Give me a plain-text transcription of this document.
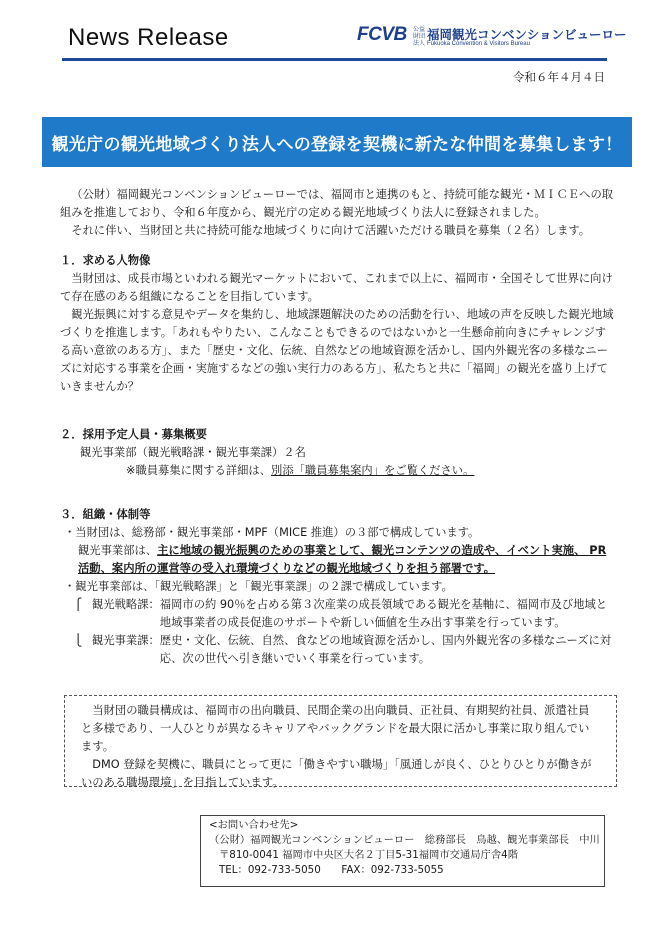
News Release	FCVB 公益財団法人
福岡観光コンベンションビューロー
Fukuoka Convention & Visitors Bureau
令和６年４月４日
観光庁の観光地域づくり法人への登録を契機に新たな仲間を募集します！

（公財）福岡観光コンベンションビューローでは、福岡市と連携のもと、持続可能な観光・ＭＩＣＥへの取組みを推進しており、令和６年度から、観光庁の定める観光地域づくり法人に登録されました。

それに伴い、当財団と共に持続可能な地域づくりに向けて活躍いただける職員を募集（２名）します。

１．求める人物像

当財団は、成長市場といわれる観光マーケットにおいて、これまで以上に、福岡市・全国そして世界に向けて存在感のある組織になることを目指しています。

観光振興に対する意見やデータを集約し、地域課題解決のための活動を行い、地域の声を反映した観光地域づくりを推進します。「あれもやりたい、こんなこともできるのではないかと一生懸命前向きにチャレンジする高い意欲のある方」、また「歴史・文化、伝統、自然などの地域資源を活かし、国内外観光客の多様なニーズに対応する事業を企画・実施するなどの強い実行力のある方」、私たちと共に「福岡」の観光を盛り上げていきませんか？

２．採用予定人員・募集概要

観光事業部（観光戦略課・観光事業課）２名

※職員募集に関する詳細は、別添「職員募集案内」をご覧ください。

３．組織・体制等

・当財団は、総務部・観光事業部・MPF（MICE 推進）の３部で構成しています。

観光事業部は、主に地域の観光振興のための事業として、観光コンテンツの造成や、イベント実施、 PR活動、案内所の運営等の受入れ環境づくりなどの観光地域づくりを担う部署です。

・観光事業部は、「観光戦略課」と「観光事業課」の２課で構成しています。

⎧ 観光戦略課： 福岡市の約 90％を占める第３次産業の成長領域である観光を基軸に、福岡市及び地域と地域事業者の成長促進のサポートや新しい価値を生み出す事業を行っています。
⎩ 観光事業課： 歴史・文化、伝統、自然、食などの地域資源を活かし、国内外観光客の多様なニーズに対応、次の世代へ引き継いでいく事業を行っています。

当財団の職員構成は、福岡市の出向職員、民間企業の出向職員、正社員、有期契約社員、派遣社員と多様であり、一人ひとりが異なるキャリアやバックグランドを最大限に活かし事業に取り組んでいます。

DMO 登録を契機に、職員にとって更に「働きやすい職場」「風通しが良く、ひとりひとりが働きがいのある職場環境」を目指しています。

<お問い合わせ先>
（公財）福岡観光コンベンションビューロー　総務部長　鳥越、観光事業部長　中川
〒810-0041 福岡市中央区大名２丁目5-31福岡市交通局庁舎4階
TEL：092-733-5050　　FAX：092-733-5055
